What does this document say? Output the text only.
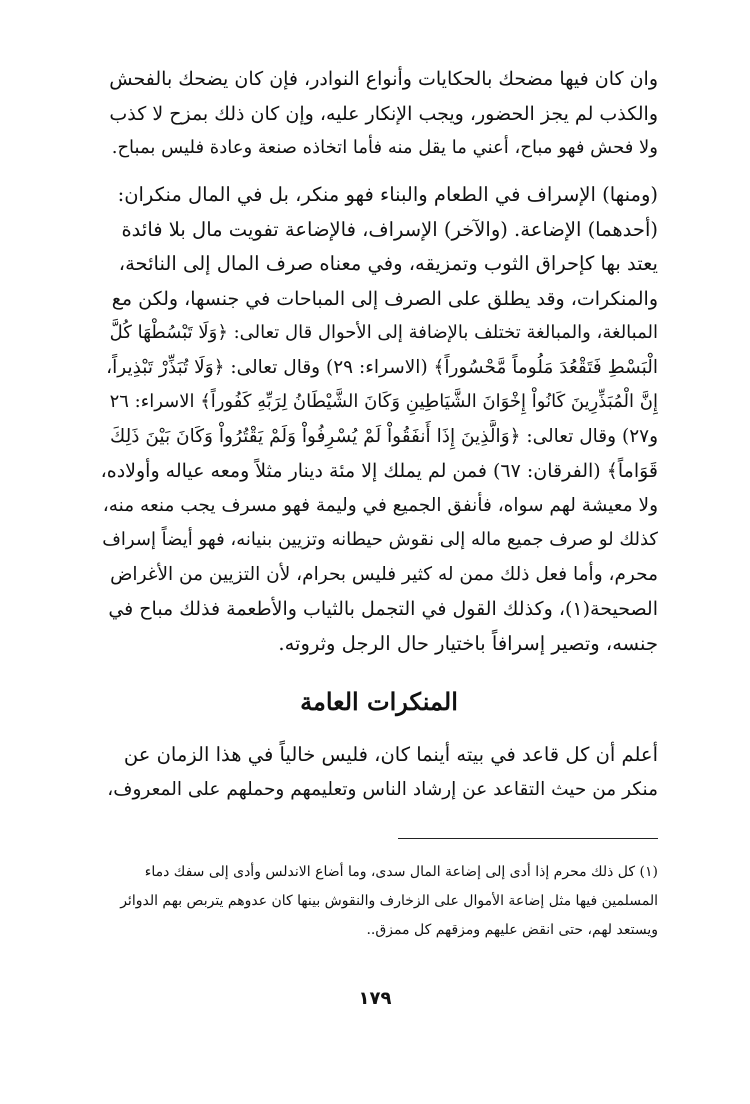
وان كان فيها مضحك بالحكايات وأنواع النوادر، فإن كان يضحك بالفحش
والكذب لم يجز الحضور، ويجب الإنكار عليه، وإن كان ذلك بمزح لا كذب
ولا فحش فهو مباح، أعني ما يقل منه فأما اتخاذه صنعة وعادة فليس بمباح.
(ومنها) الإسراف في الطعام والبناء فهو منكر، بل في المال منكران:
(أحدهما) الإضاعة. (والآخر) الإسراف، فالإضاعة تفويت مال بلا فائدة
يعتد بها كإحراق الثوب وتمزيقه، وفي معناه صرف المال إلى النائحة،
والمنكرات، وقد يطلق على الصرف إلى المباحات في جنسها، ولكن مع
المبالغة، والمبالغة تختلف بالإضافة إلى الأحوال قال تعالى: ﴿وَلَا تَبْسُطْهَا كُلَّ
الْبَسْطِ فَتَقْعُدَ مَلُوماً مَّحْسُوراً﴾ (الاسراء: ٢٩) وقال تعالى: ﴿وَلَا تُبَذِّرْ تَبْذِيراً،
إِنَّ الْمُبَذِّرِينَ كَانُواْ إِخْوَانَ الشَّيَاطِينِ وَكَانَ الشَّيْطَانُ لِرَبِّهِ كَفُوراً﴾ الاسراء: ٢٦
و٢٧) وقال تعالى: ﴿وَالَّذِينَ إِذَا أَنفَقُواْ لَمْ يُسْرِفُواْ وَلَمْ يَقْتُرُواْ وَكَانَ بَيْنَ ذَلِكَ
قَوَاماً﴾ (الفرقان: ٦٧) فمن لم يملك إلا مئة دينار مثلاً ومعه عياله وأولاده،
ولا معيشة لهم سواه، فأنفق الجميع في وليمة فهو مسرف يجب منعه منه،
كذلك لو صرف جميع ماله إلى نقوش حيطانه وتزيين بنيانه، فهو أيضاً إسراف
محرم، وأما فعل ذلك ممن له كثير فليس بحرام، لأن التزيين من الأغراض
الصحيحة(١)، وكذلك القول في التجمل بالثياب والأطعمة فذلك مباح في
جنسه، وتصير إسرافاً باختيار حال الرجل وثروته.
المنكرات العامة
أعلم أن كل قاعد في بيته أينما كان، فليس خالياً في هذا الزمان عن
منكر من حيث التقاعد عن إرشاد الناس وتعليمهم وحملهم على المعروف،
(١) كل ذلك محرم إذا أدى إلى إضاعة المال سدى، وما أضاع الاندلس وأدى إلى سفك دماء
المسلمين فيها مثل إضاعة الأموال على الزخارف والنقوش بينها كان عدوهم يتربص بهم الدوائر
ويستعد لهم، حتى انقض عليهم ومزقهم كل ممزق..
١٧٩
